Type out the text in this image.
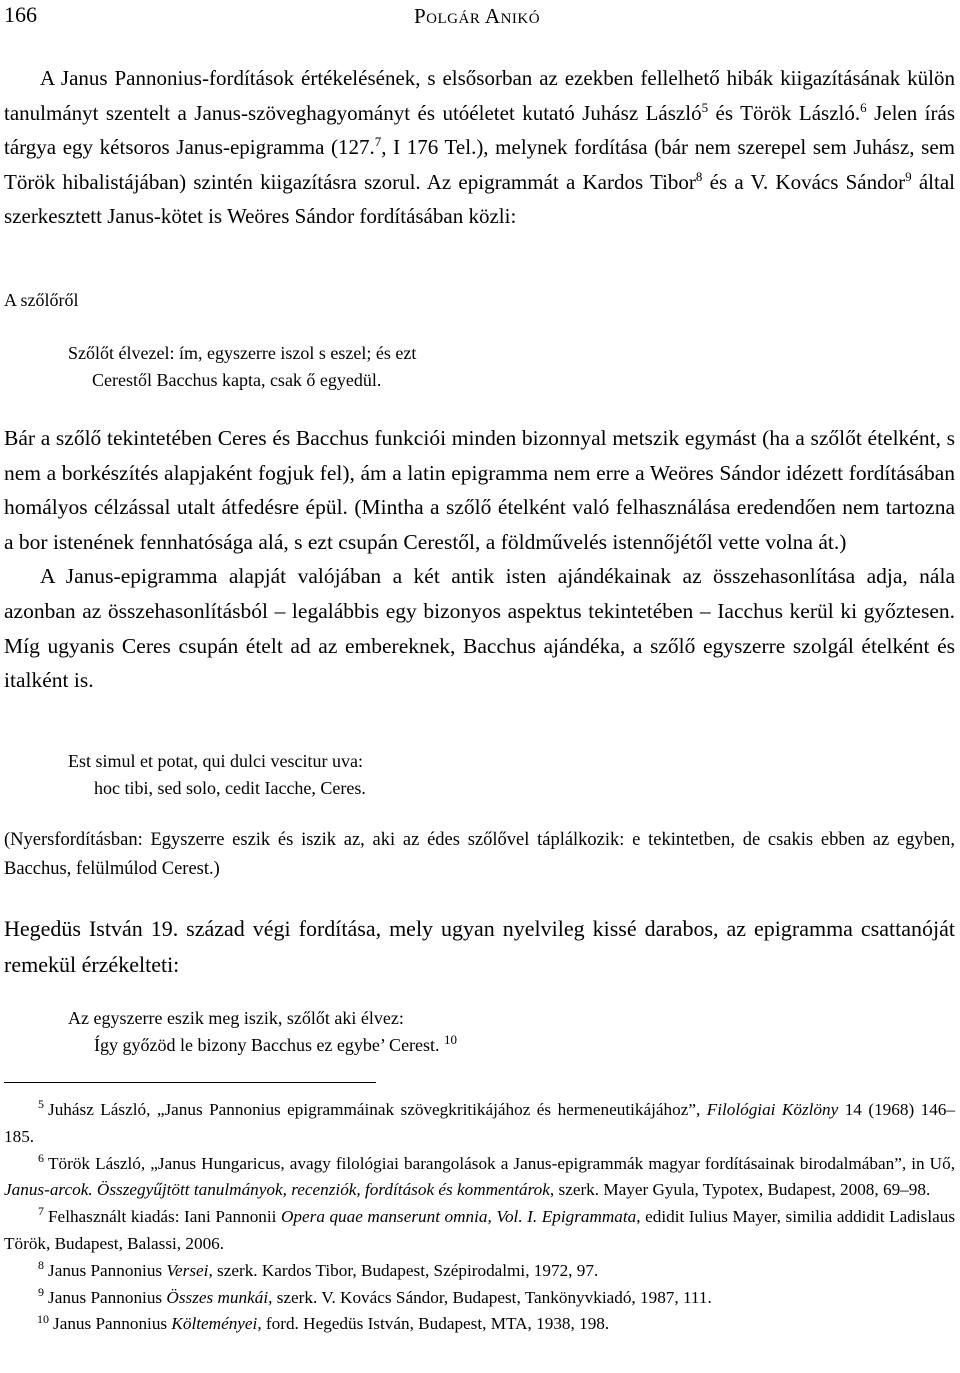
166	Polgár Anikó

A Janus Pannonius-fordítások értékelésének, s elsősorban az ezekben fellelhető hibák kiigazításának külön tanulmányt szentelt a Janus-szöveghagyományt és utóéletet kutató Juhász László$^5$ és Török László.$^6$ Jelen írás tárgya egy kétsoros Janus-epigramma (127.$^7$, I 176 Tel.), melynek fordítása (bár nem szerepel sem Juhász, sem Török hibalistájában) szintén kiigazításra szorul. Az epigrammát a Kardos Tibor$^8$ és a V. Kovács Sándor$^9$ által szerkesztett Janus-kötet is Weöres Sándor fordításában közli:

A szőlőről

Szőlőt élvezel: ím, egyszerre iszol s eszel; és ezt
Cerestől Bacchus kapta, csak ő egyedül.
Bár a szőlő tekintetében Ceres és Bacchus funkciói minden bizonnyal metszik egymást (ha a szőlőt ételként, s nem a borkészítés alapjaként fogjuk fel), ám a latin epigramma nem erre a Weöres Sándor idézett fordításában homályos célzással utalt átfedésre épül. (Mintha a szőlő ételként való felhasználása eredendően nem tartozna a bor istenének fennhatósága alá, s ezt csupán Cerestől, a földművelés istennőjétől vette volna át.)
A Janus-epigramma alapját valójában a két antik isten ajándékainak az összehasonlítása adja, nála azonban az összehasonlításból – legalábbis egy bizonyos aspektus tekintetében – Iacchus kerül ki győztesen. Míg ugyanis Ceres csupán ételt ad az embereknek, Bacchus ajándéka, a szőlő egyszerre szolgál ételként és italként is.
Est simul et potat, qui dulci vescitur uva:
hoc tibi, sed solo, cedit Iacche, Ceres.

(Nyersfordításban: Egyszerre eszik és iszik az, aki az édes szőlővel táplálkozik: e tekintetben, de csakis ebben az egyben, Bacchus, felülmúlod Cerest.)

Hegedüs István 19. század végi fordítása, mely ugyan nyelvileg kissé darabos, az epigramma csattanóját remekül érzékelteti:

Az egyszerre eszik meg iszik, szőlőt aki élvez:
Így győzöd le bizony Bacchus ez egybe’ Cerest. $^{10}$

$^5$ Juhász László, „Janus Pannonius epigrammáinak szövegkritikájához és hermeneutikájához”, Filológiai Közlöny 14 (1968) 146–185.

$^6$ Török László, „Janus Hungaricus, avagy filológiai barangolások a Janus-epigrammák magyar fordításainak birodalmában”, in Uő, Janus-arcok. Összegyűjtött tanulmányok, recenziók, fordítások és kommentárok, szerk. Mayer Gyula, Typotex, Budapest, 2008, 69–98.

$^7$ Felhasznált kiadás: Iani Pannonii Opera quae manserunt omnia, Vol. I. Epigrammata, edidit Iulius Mayer, similia addidit Ladislaus Török, Budapest, Balassi, 2006.

$^8$ Janus Pannonius Versei, szerk. Kardos Tibor, Budapest, Szépirodalmi, 1972, 97.

$^9$ Janus Pannonius Összes munkái, szerk. V. Kovács Sándor, Budapest, Tankönyvkiadó, 1987, 111.

$^{10}$ Janus Pannonius Költeményei, ford. Hegedüs István, Budapest, MTA, 1938, 198.
